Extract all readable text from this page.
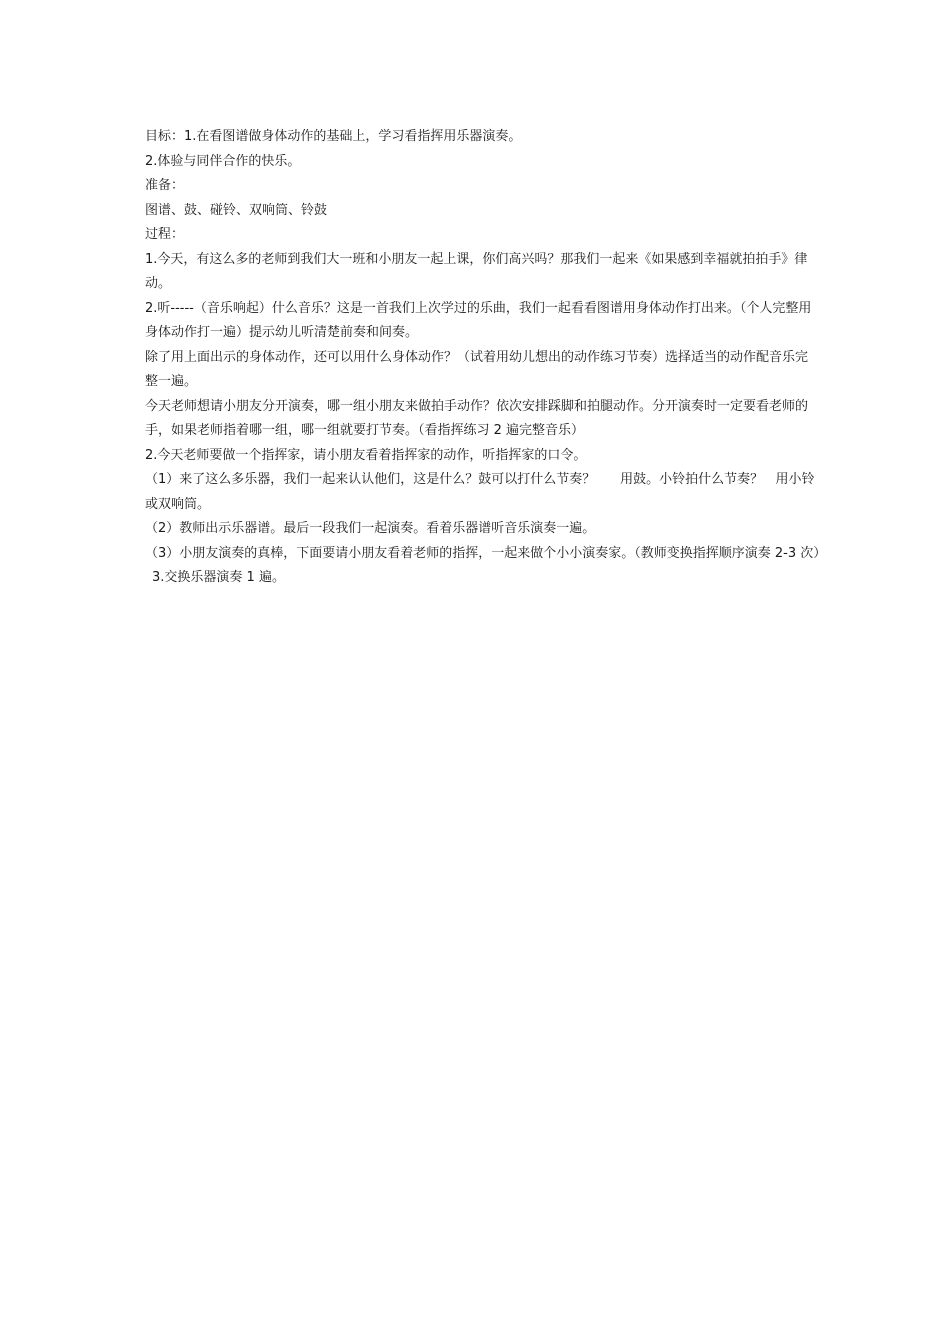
目标：1.在看图谱做身体动作的基础上，学习看指挥用乐器演奏。

2.体验与同伴合作的快乐。

准备：

图谱、鼓、碰铃、双响筒、铃鼓

过程：

1.今天，有这么多的老师到我们大一班和小朋友一起上课，你们高兴吗？那我们一起来《如果感到幸福就拍拍手》律动。

2.听-----（音乐响起）什么音乐？这是一首我们上次学过的乐曲，我们一起看看图谱用身体动作打出来。（个人完整用身体动作打一遍）提示幼儿听清楚前奏和间奏。

除了用上面出示的身体动作，还可以用什么身体动作？（试着用幼儿想出的动作练习节奏）选择适当的动作配音乐完整一遍。

今天老师想请小朋友分开演奏，哪一组小朋友来做拍手动作？依次安排踩脚和拍腿动作。分开演奏时一定要看老师的手，如果老师指着哪一组，哪一组就要打节奏。（看指挥练习 2 遍完整音乐）

2.今天老师要做一个指挥家，请小朋友看着指挥家的动作，听指挥家的口令。

（1）来了这么多乐器，我们一起来认认他们，这是什么？鼓可以打什么节奏？      用鼓。小铃拍什么节奏？   用小铃或双响筒。

（2）教师出示乐器谱。最后一段我们一起演奏。看着乐器谱听音乐演奏一遍。

（3）小朋友演奏的真棒，下面要请小朋友看着老师的指挥，一起来做个小小演奏家。（教师变换指挥顺序演奏 2-3 次）

3.交换乐器演奏 1 遍。
